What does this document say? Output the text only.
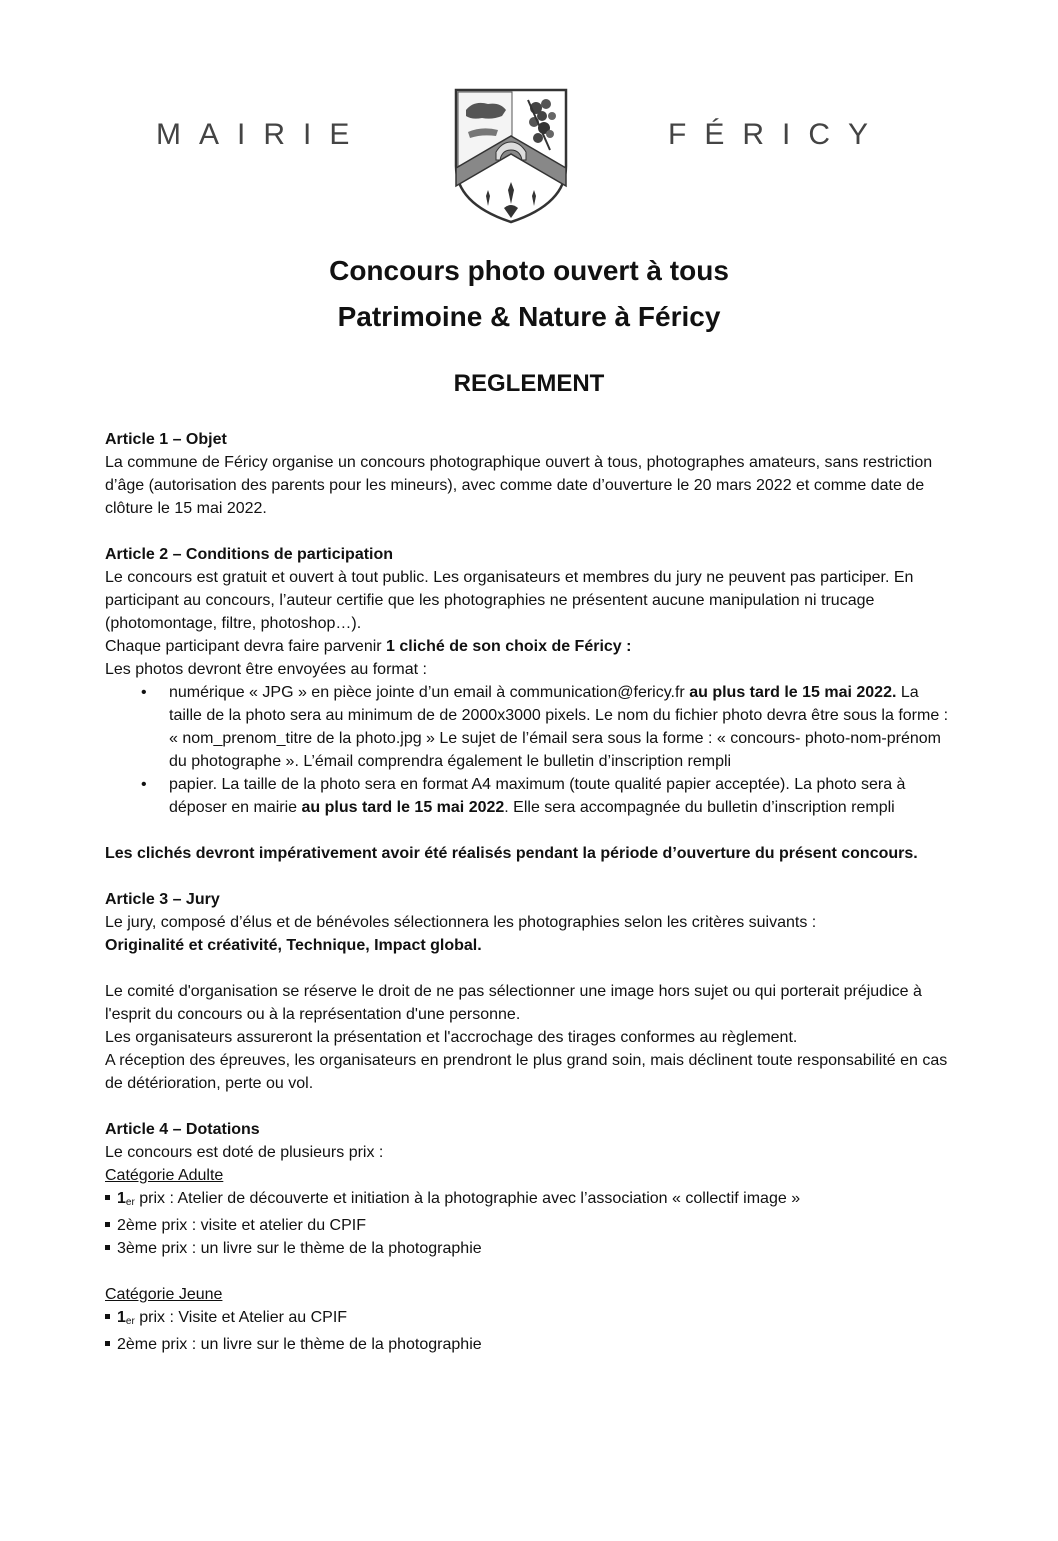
MAIRIE	FÉRICY
Concours photo ouvert à tous
Patrimoine & Nature à Féricy
REGLEMENT

Article 1 – Objet

La commune de Féricy organise un concours photographique ouvert à tous, photographes amateurs, sans restriction d’âge (autorisation des parents pour les mineurs), avec comme date d’ouverture le 20 mars 2022 et comme date de clôture le 15 mai 2022.

Article 2 – Conditions de participation

Le concours est gratuit et ouvert à tout public. Les organisateurs et membres du jury ne peuvent pas participer. En participant au concours, l’auteur certifie que les photographies ne présentent aucune manipulation ni trucage (photomontage, filtre, photoshop…).

Chaque participant devra faire parvenir 1 cliché de son choix de Féricy :

Les photos devront être envoyées au format :

• numérique « JPG » en pièce jointe d’un email à communication@fericy.fr au plus tard le 15 mai 2022. La taille de la photo sera au minimum de de 2000x3000 pixels. Le nom du fichier photo devra être sous la forme : « nom_prenom_titre de la photo.jpg » Le sujet de l’émail sera sous la forme : « concours- photo-nom-prénom du photographe ». L’émail comprendra également le bulletin d’inscription rempli
• papier. La taille de la photo sera en format A4 maximum (toute qualité papier acceptée). La photo sera à déposer en mairie au plus tard le 15 mai 2022. Elle sera accompagnée du bulletin d’inscription rempli

Les clichés devront impérativement avoir été réalisés pendant la période d’ouverture du présent concours.

Article 3 – Jury

Le jury, composé d’élus et de bénévoles sélectionnera les photographies selon les critères suivants :

Originalité et créativité, Technique, Impact global.

Le comité d'organisation se réserve le droit de ne pas sélectionner une image hors sujet ou qui porterait préjudice à l'esprit du concours ou à la représentation d'une personne.

Les organisateurs assureront la présentation et l'accrochage des tirages conformes au règlement.

A réception des épreuves, les organisateurs en prendront le plus grand soin, mais déclinent toute responsabilité en cas de détérioration, perte ou vol.

Article 4 – Dotations

Le concours est doté de plusieurs prix :

Catégorie Adulte

$1_{er}$ prix : Atelier de découverte et initiation à la photographie avec l’association « collectif image »

2ème prix : visite et atelier du CPIF

3ème prix : un livre sur le thème de la photographie

Catégorie Jeune

$1_{er}$ prix : Visite et Atelier au CPIF

2ème prix : un livre sur le thème de la photographie
